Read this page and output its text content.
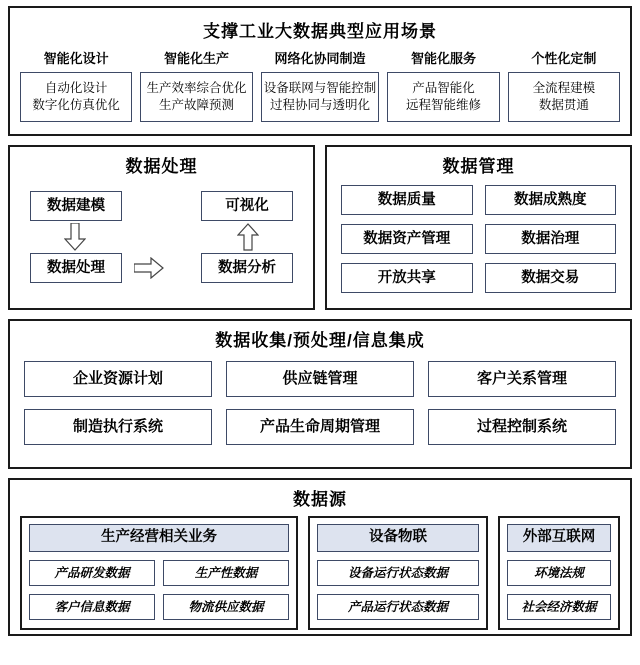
支撑工业大数据典型应用场景
智能化设计
自动化设计
数字化仿真优化
智能化生产
生产效率综合优化
生产故障预测
网络化协同制造
设备联网与智能控制
过程协同与透明化
智能化服务
产品智能化
远程智能维修
个性化定制
全流程建模
数据贯通
数据处理
数据建模	可视化
数据处理	数据分析
数据管理
数据质量	数据成熟度
数据资产管理	数据治理
开放共享	数据交易
数据收集/预处理/信息集成
企业资源计划	供应链管理	客户关系管理
制造执行系统	产品生命周期管理	过程控制系统
数据源
生产经营相关业务
产品研发数据	生产性数据
客户信息数据	物流供应数据
设备物联
设备运行状态数据
产品运行状态数据
外部互联网
环境法规
社会经济数据
